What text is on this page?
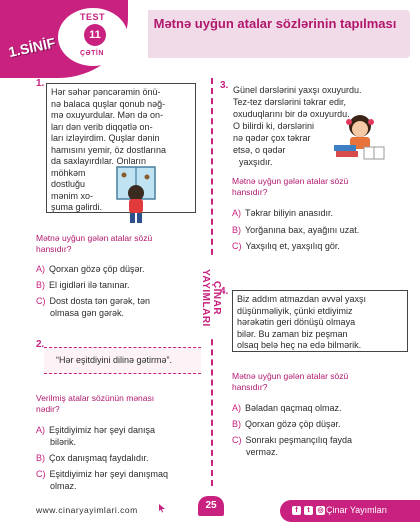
1.SİNİF
TEST
11
ÇƏTİN
Mətnə uyğun atalar sözlərinin tapılması
ÇİNAR YAYIMLARI
1.
Hər səhər pəncərəmin önü-
nə balaca quşlar qonub nəğ-
mə oxuyurdular. Mən də on-
ları dən verib diqqətlə on-
ları izləyirdim. Quşlar dənin
hamısını yemir, öz dostlarına
da saxlayırdılar. Onların
möhkəm
dostluğu
mənim xo-
şuma gəlirdi.
Mətnə uyğun gələn atalar sözü
hansıdır?
A) Qorxan gözə çöp düşər.
B) El igidləri ilə tanınar.
C) Dost dosta tən gərək, tən
olmasa gən gərək.
2.
“Hər eşitdiyini dilinə gətirmə”.
Verilmiş atalar sözünün mənası
nədir?
A) Eşitdiyimiz hər şeyi danışa
bilərik.
B) Çox danışmaq faydalıdır.
C) Eşitdiyimiz hər şeyi danışmaq
olmaz.
3. Günel dərslərini yaxşı oxuyurdu.
Tez-tez dərslərini təkrar edir,
oxuduqlarını bir də oxuyurdu.
O bilirdi ki, dərslərini
nə qədər çox təkrar
etsə, o qədər
yaxşıdır.
Mətnə uyğun gələn atalar sözü
hansıdır?
A) Təkrar biliyin anasıdır.
B) Yorğanına bax, ayağını uzat.
C) Yaxşılıq et, yaxşılıq gör.
4.
Biz addım atmazdan əvvəl yaxşı
düşünməliyik, çünki etdiyimiz
hərəkətin geri dönüşü olmaya
bilər. Bu zaman biz peşman
olsaq belə heç nə edə bilmərik.
Mətnə uyğun gələn atalar sözü
hansıdır?
A) Bəladan qaçmaq olmaz.
B) Qorxan gözə çöp düşər.
C) Sonrakı peşmançılıq fayda
verməz.
www.cinaryayimlari.com	25	f	t	◎ Çinar Yayımları
